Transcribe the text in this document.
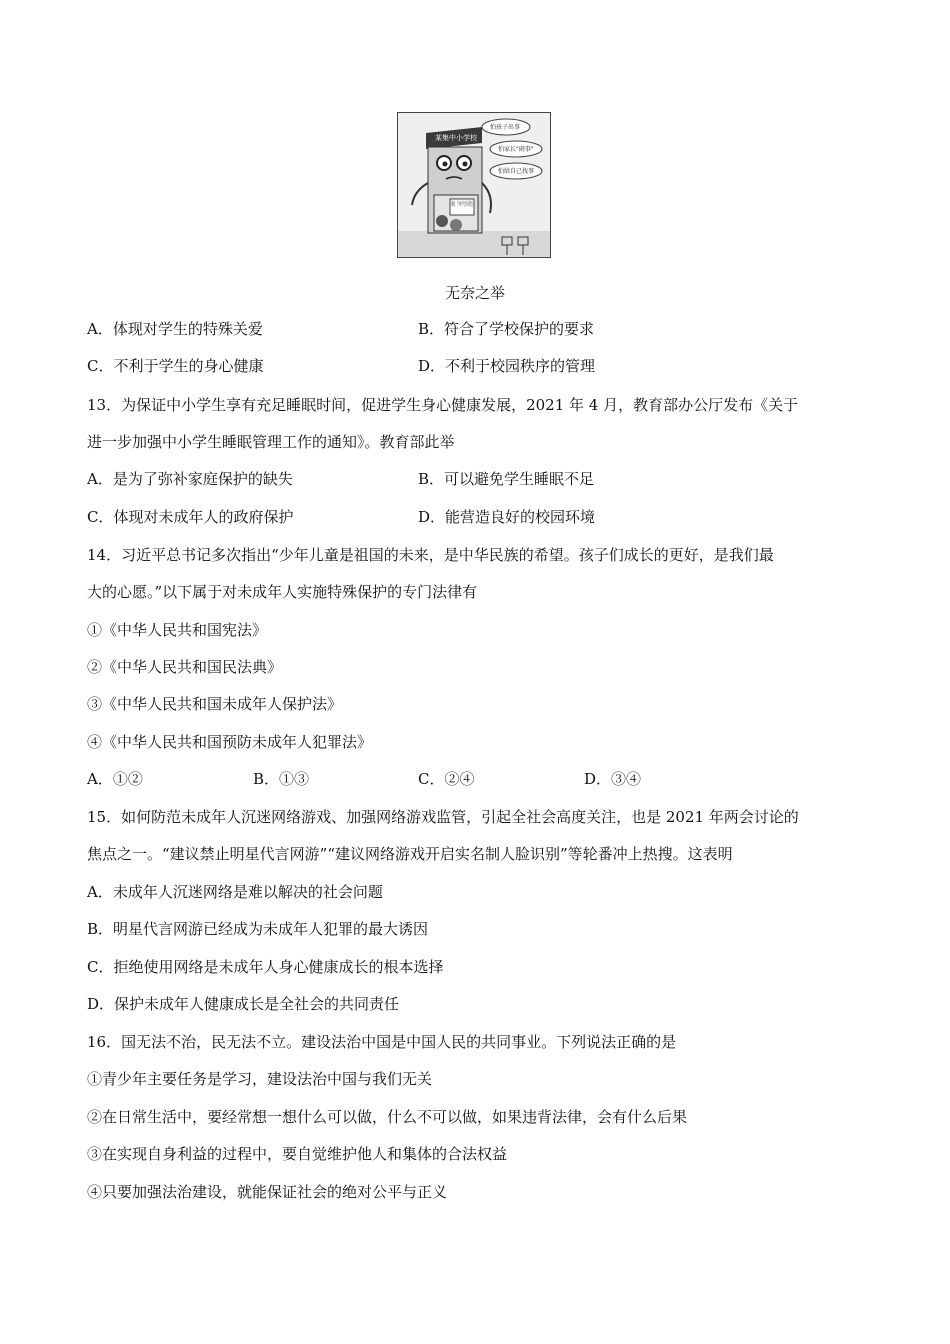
某集中小学校
怕孩子出事
怕家长"闹事"
怕给自己找事
无奈之举
A．体现对学生的特殊关爱	B．符合了学校保护的要求
C．不利于学生的身心健康	D．不利于校园秩序的管理
13．为保证中小学生享有充足睡眠时间，促进学生身心健康发展，2021 年 4 月，教育部办公厅发布《关于
进一步加强中小学生睡眠管理工作的通知》。教育部此举
A．是为了弥补家庭保护的缺失	B．可以避免学生睡眠不足
C．体现对未成年人的政府保护	D．能营造良好的校园环境
14．习近平总书记多次指出“少年儿童是祖国的未来，是中华民族的希望。孩子们成长的更好，是我们最
大的心愿。”以下属于对未成年人实施特殊保护的专门法律有
①《中华人民共和国宪法》
②《中华人民共和国民法典》
③《中华人民共和国未成年人保护法》
④《中华人民共和国预防未成年人犯罪法》
A．①②	B．①③	C．②④	D．③④
15．如何防范未成年人沉迷网络游戏、加强网络游戏监管，引起全社会高度关注，也是 2021 年两会讨论的
焦点之一。“建议禁止明星代言网游”“建议网络游戏开启实名制人脸识别”等轮番冲上热搜。这表明
A．未成年人沉迷网络是难以解决的社会问题
B．明星代言网游已经成为未成年人犯罪的最大诱因
C．拒绝使用网络是未成年人身心健康成长的根本选择
D．保护未成年人健康成长是全社会的共同责任
16．国无法不治，民无法不立。建设法治中国是中国人民的共同事业。下列说法正确的是
①青少年主要任务是学习，建设法治中国与我们无关
②在日常生活中，要经常想一想什么可以做，什么不可以做，如果违背法律，会有什么后果
③在实现自身利益的过程中，要自觉维护他人和集体的合法权益
④只要加强法治建设，就能保证社会的绝对公平与正义
